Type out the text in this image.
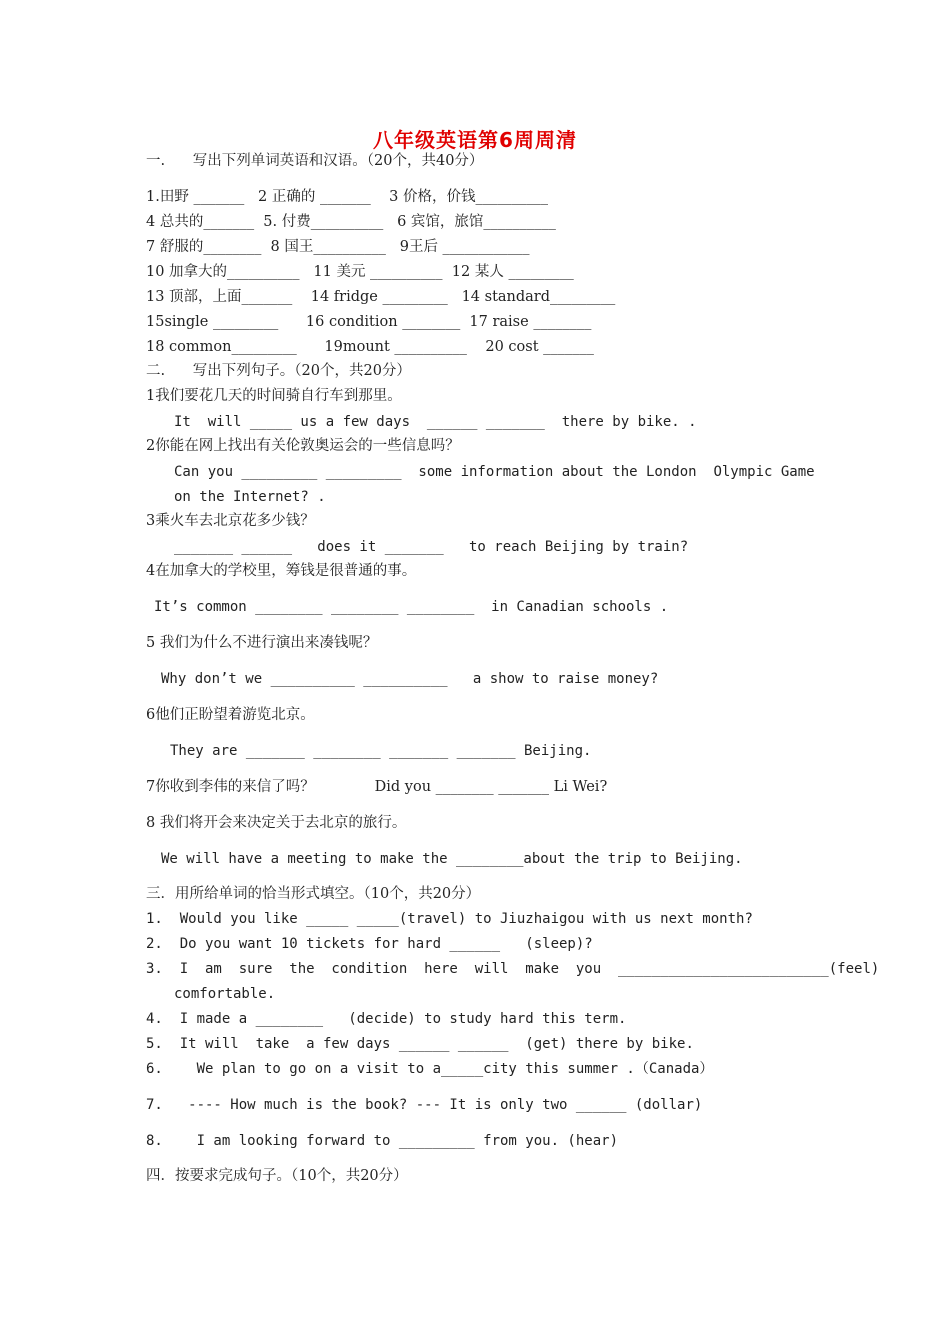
八年级英语第6周周清
一.      写出下列单词英语和汉语。（20个，共40分）
1.田野 _______   2 正确的 _______    3 价格，价钱__________
4 总共的_______  5. 付费__________   6 宾馆，旅馆__________
7 舒服的________  8 国王__________   9王后 ____________
10 加拿大的__________   11 美元 __________  12 某人 _________
13 顶部，上面_______    14 fridge _________   14 standard_________
15single _________      16 condition ________  17 raise ________
18 common_________      19mount __________    20 cost _______
二.      写出下列句子。（20个，共20分）
1我们要花几天的时间骑自行车到那里。
It  will _____ us a few days  ______ _______  there by bike. .
2你能在网上找出有关伦敦奥运会的一些信息吗？
Can you _________ _________  some information about the London  Olympic Game
on the Internet? .
3乘火车去北京花多少钱？
_______ ______   does it _______   to reach Beijing by train?
4在加拿大的学校里，筹钱是很普通的事。
It’s common ________ ________ ________  in Canadian schools .
5 我们为什么不进行演出来凑钱呢？
Why don’t we __________ __________   a show to raise money?
6他们正盼望着游览北京。
They are _______ ________ _______ _______ Beijing.
7你收到李伟的来信了吗？             Did you ________ _______ Li Wei?
8 我们将开会来决定关于去北京的旅行。
We will have a meeting to make the ________about the trip to Beijing.
三．用所给单词的恰当形式填空。（10个，共20分）
1.  Would you like _____ _____(travel) to Jiuzhaigou with us next month?
2.  Do you want 10 tickets for hard ______   (sleep)?
3.  I  am  sure  the  condition  here  will  make  you  _________________________(feel)
comfortable.
4.  I made a ________   (decide) to study hard this term.
5.  It will  take  a few days ______ ______  (get) there by bike.
6.    We plan to go on a visit to a_____city this summer .（Canada）
7.   ---- How much is the book? --- It is only two ______ (dollar)
8.    I am looking forward to _________ from you. (hear)
四．按要求完成句子。（10个，共20分）
